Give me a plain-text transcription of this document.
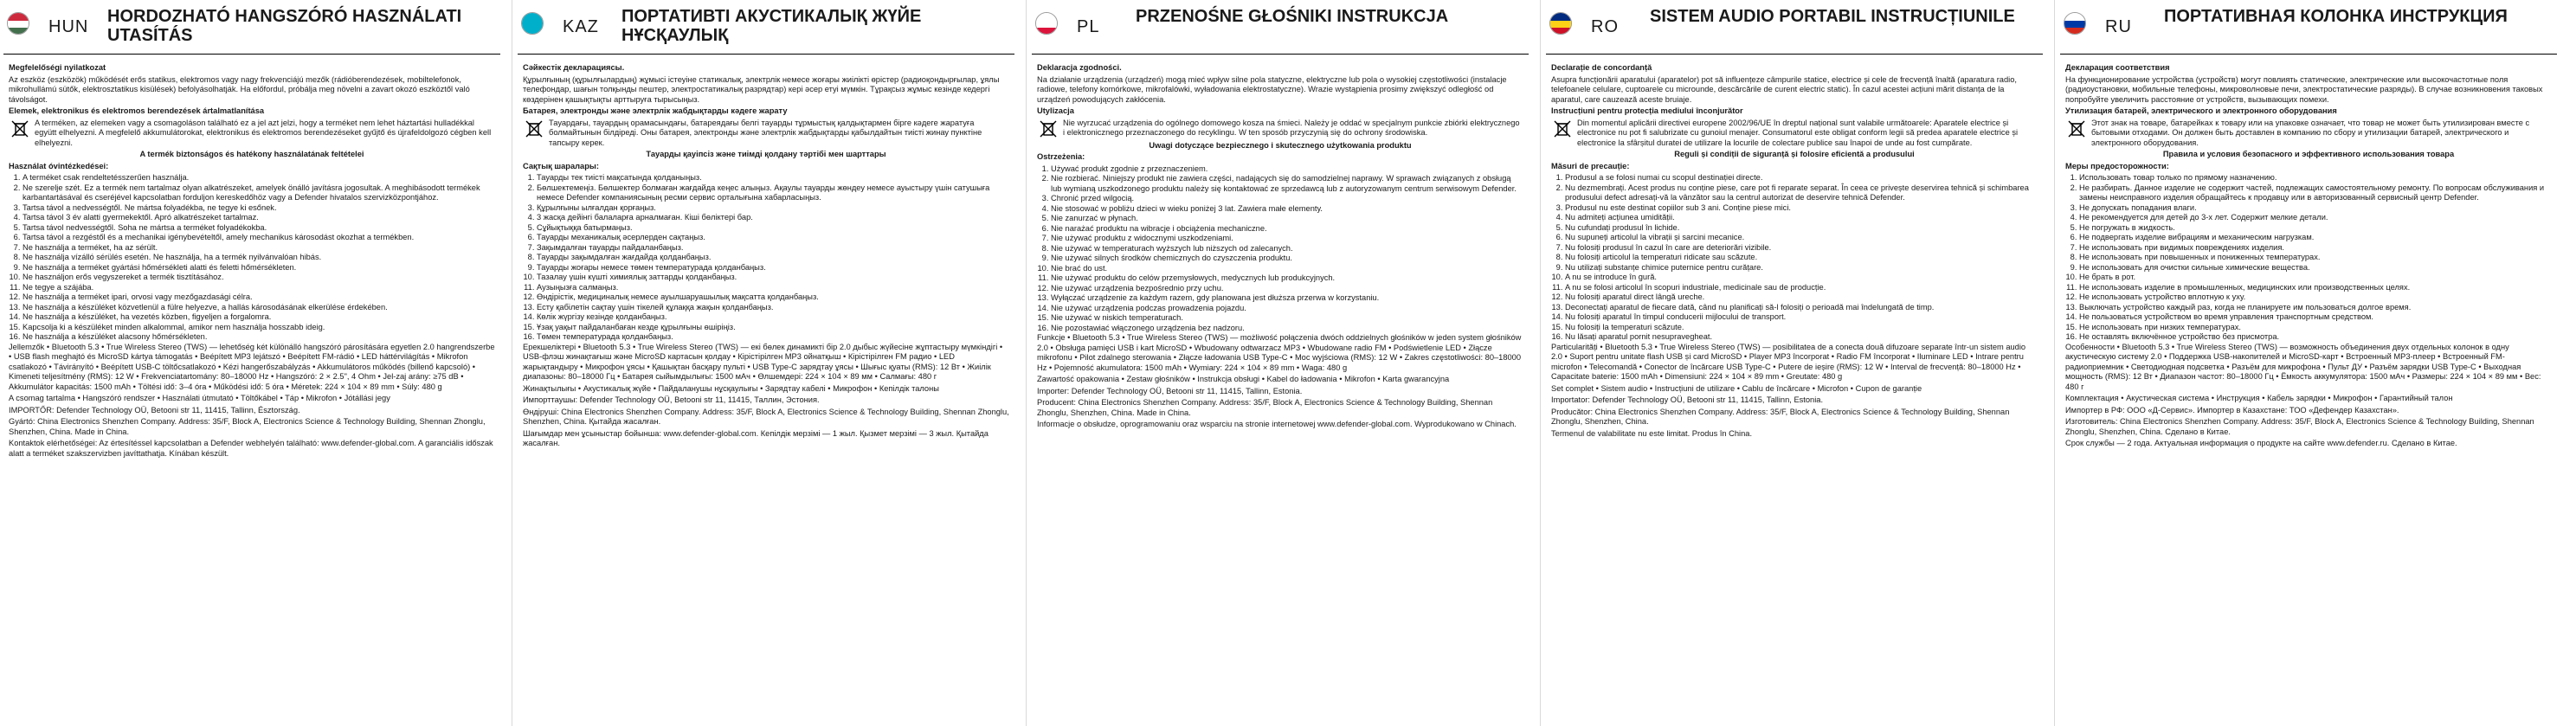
HUN
HORDOZHATÓ HANGSZÓRÓ HASZNÁLATI UTASÍTÁS

Megfelelőségi nyilatkozat

Az eszköz (eszközök) működését erős statikus, elektromos vagy nagy frekvenciájú mezők (rádióberendezések, mobiltelefonok, mikrohullámú sütők, elektrosztatikus kisülések) befolyásolhatják. Ha előfordul, próbálja meg növelni a zavart okozó eszköztől való távolságot.

Elemek, elektronikus és elektromos berendezések ártalmatlanítása

A terméken, az elemeken vagy a csomagoláson található ez a jel azt jelzi, hogy a terméket nem lehet háztartási hulladékkal együtt elhelyezni. A megfelelő akkumulátorokat, elektronikus és elektromos berendezéseket gyűjtő és újrafeldolgozó cégben kell elhelyezni.

A termék biztonságos és hatékony használatának feltételei

Használat óvintézkedései:

1. A terméket csak rendeltetésszerűen használja.
2. Ne szerelje szét. Ez a termék nem tartalmaz olyan alkatrészeket, amelyek önálló javításra jogosultak. A meghibásodott termékek karbantartásával és cseréjével kapcsolatban forduljon kereskedőhöz vagy a Defender hivatalos szervizközpontjához.
3. Tartsa távol a nedvességtől. Ne mártsa folyadékba, ne tegye ki esőnek.
4. Tartsa távol 3 év alatti gyermekektől. Apró alkatrészeket tartalmaz.
5. Tartsa távol nedvességtől. Soha ne mártsa a terméket folyadékokba.
6. Tartsa távol a rezgéstől és a mechanikai igénybevételtől, amely mechanikus károsodást okozhat a termékben.
7. Ne használja a terméket, ha az sérült.
8. Ne használja vízálló sérülés esetén. Ne használja, ha a termék nyilvánvalóan hibás.
9. Ne használja a terméket gyártási hőmérsékleti alatti és feletti hőmérsékleten.
10. Ne használjon erős vegyszereket a termék tisztításához.
11. Ne tegye a szájába.
12. Ne használja a terméket ipari, orvosi vagy mezőgazdasági célra.
13. Ne használja a készüléket közvetlenül a fülre helyezve, a hallás károsodásának elkerülése érdekében.
14. Ne használja a készüléket, ha vezetés közben, figyeljen a forgalomra.
15. Kapcsolja ki a készüléket minden alkalommal, amikor nem használja hosszabb ideig.
16. Ne használja a készüléket alacsony hőmérsékleten.

Jellemzők • Bluetooth 5.3 • True Wireless Stereo (TWS) — lehetőség két különálló hangszóró párosítására egyetlen 2.0 hangrendszerbe • USB flash meghajtó és MicroSD kártya támogatás • Beépített MP3 lejátszó • Beépített FM-rádió • LED háttérvilágítás • Mikrofon csatlakozó • Távirányító • Beépített USB-C töltőcsatlakozó • Kézi hangerőszabályzás • Akkumulátoros működés (billenő kapcsoló) • Kimeneti teljesítmény (RMS): 12 W • Frekvenciatartomány: 80–18000 Hz • Hangszóró: 2 × 2.5", 4 Ohm • Jel-zaj arány: ≥75 dB • Akkumulátor kapacitás: 1500 mAh • Töltési idő: 3–4 óra • Működési idő: 5 óra • Méretek: 224 × 104 × 89 mm • Súly: 480 g

A csomag tartalma • Hangszóró rendszer • Használati útmutató • Töltőkábel • Táp • Mikrofon • Jótállási jegy

IMPORTŐR: Defender Technology OÜ, Betooni str 11, 11415, Tallinn, Észtország.

Gyártó: China Electronics Shenzhen Company. Address: 35/F, Block A, Electronics Science & Technology Building, Shennan Zhonglu, Shenzhen, China. Made in China.

Kontaktok elérhetőségei: Az értesítéssel kapcsolatban a Defender webhelyén található: www.defender-global.com. A garanciális időszak alatt a terméket szakszervizben javíttathatja. Kínában készült.

KAZ
ПОРТАТИВТІ АКУСТИКАЛЫҚ ЖҮЙЕ НҰСҚАУЛЫҚ

Сәйкестік декларациясы.

Құрылғының (құрылғылардың) жұмысі істеуіне статикалық, электрлік немесе жоғары жиілікті өрістер (радиоқондырғылар, ұялы телефондар, шағын толқынды пештер, электростатикалық разрядтар) кері әсер етуі мүмкін. Тұрақсыз жұмыс кезінде кедергі көздерінен қашықтықты арттыруға тырысыңыз.

Батарея, электронды және электрлік жабдықтарды кәдеге жарату

Тауардағы, тауардың орамасындағы, батареядағы белгі тауарды тұрмыстық қалдықтармен бірге кәдеге жаратуға болмайтынын білдіреді. Оны батарея, электронды және электрлік жабдықтарды қабылдайтын тиісті жинау пунктіне тапсыру керек.

Тауарды қауіпсіз және тиімді қолдану тәртібі мен шарттары

Сақтық шаралары:

1. Тауарды тек тиісті мақсатында қолданыңыз.
2. Бөлшектемеңіз. Бөлшектер болмаған жағдайда кеңес алыңыз. Ақаулы тауарды жөндеу немесе ауыстыру үшін сатушыға немесе Defender компаниясының ресми сервис орталығына хабарласыңыз.
3. Құрылғыны ылғалдан қорғаңыз.
4. 3 жасқа дейінгі балаларға арналмаған. Кіші бөліктері бар.
5. Сұйықтыққа батырмаңыз.
6. Тауарды механикалық әсерлерден сақтаңыз.
7. Зақымдалған тауарды пайдаланбаңыз.
8. Тауарды зақымдалған жағдайда қолданбаңыз.
9. Тауарды жоғары немесе төмен температурада қолданбаңыз.
10. Тазалау үшін күшті химиялық заттарды қолданбаңыз.
11. Аузыңызға салмаңыз.
12. Өндірістік, медициналық немесе ауылшаруашылық мақсатта қолданбаңыз.
13. Есту қабілетін сақтау үшін тікелей құлаққа жақын қолданбаңыз.
14. Көлік жүргізу кезінде қолданбаңыз.
15. Ұзақ уақыт пайдаланбаған кезде құрылғыны өшіріңіз.
16. Төмен температурада қолданбаңыз.

Ерекшеліктері • Bluetooth 5.3 • True Wireless Stereo (TWS) — екі бөлек динамикті бір 2.0 дыбыс жүйесіне жұптастыру мүмкіндігі • USB-флэш жинақтағыш және MicroSD картасын қолдау • Кірістірілген MP3 ойнатқыш • Кірістірілген FM радио • LED жарықтандыру • Микрофон ұясы • Қашықтан басқару пульті • USB Type-C зарядтау ұясы • Шығыс қуаты (RMS): 12 Вт • Жиілік диапазоны: 80–18000 Гц • Батарея сыйымдылығы: 1500 мАч • Өлшемдері: 224 × 104 × 89 мм • Салмағы: 480 г

Жинақтылығы • Акустикалық жүйе • Пайдаланушы нұсқаулығы • Зарядтау кабелі • Микрофон • Кепілдік талоны

Импорттаушы: Defender Technology OÜ, Betooni str 11, 11415, Таллин, Эстония.

Өндіруші: China Electronics Shenzhen Company. Address: 35/F, Block A, Electronics Science & Technology Building, Shennan Zhonglu, Shenzhen, China. Қытайда жасалған.

Шағымдар мен ұсыныстар бойынша: www.defender-global.com. Кепілдік мерзімі — 1 жыл. Қызмет мерзімі — 3 жыл. Қытайда жасалған.

PL
PRZENOŚNE GŁOŚNIKI INSTRUKCJA

Deklaracja zgodności.

Na działanie urządzenia (urządzeń) mogą mieć wpływ silne pola statyczne, elektryczne lub pola o wysokiej częstotliwości (instalacje radiowe, telefony komórkowe, mikrofalówki, wyładowania elektrostatyczne). Wrazie wystąpienia prosimy zwiększyć odległość od urządzeń powodujących zakłócenia.

Utylizacja

Nie wyrzucać urządzenia do ogólnego domowego kosza na śmieci. Należy je oddać w specjalnym punkcie zbiórki elektrycznego i elektronicznego przeznaczonego do recyklingu. W ten sposób przyczynią się do ochrony środowiska.

Uwagi dotyczące bezpiecznego i skutecznego użytkowania produktu

Ostrzeżenia:

1. Używać produkt zgodnie z przeznaczeniem.
2. Nie rozbierać. Niniejszy produkt nie zawiera części, nadających się do samodzielnej naprawy. W sprawach związanych z obsługą lub wymianą uszkodzonego produktu należy się kontaktować ze sprzedawcą lub z autoryzowanym centrum serwisowym Defender.
3. Chronić przed wilgocią.
4. Nie stosować w pobliżu dzieci w wieku poniżej 3 lat. Zawiera małe elementy.
5. Nie zanurzać w płynach.
6. Nie narażać produktu na wibracje i obciążenia mechaniczne.
7. Nie używać produktu z widocznymi uszkodzeniami.
8. Nie używać w temperaturach wyższych lub niższych od zalecanych.
9. Nie używać silnych środków chemicznych do czyszczenia produktu.
10. Nie brać do ust.
11. Nie używać produktu do celów przemysłowych, medycznych lub produkcyjnych.
12. Nie używać urządzenia bezpośrednio przy uchu.
13. Wyłączać urządzenie za każdym razem, gdy planowana jest dłuższa przerwa w korzystaniu.
14. Nie używać urządzenia podczas prowadzenia pojazdu.
15. Nie używać w niskich temperaturach.
16. Nie pozostawiać włączonego urządzenia bez nadzoru.

Funkcje • Bluetooth 5.3 • True Wireless Stereo (TWS) — możliwość połączenia dwóch oddzielnych głośników w jeden system głośników 2.0 • Obsługa pamięci USB i kart MicroSD • Wbudowany odtwarzacz MP3 • Wbudowane radio FM • Podświetlenie LED • Złącze mikrofonu • Pilot zdalnego sterowania • Złącze ładowania USB Type-C • Moc wyjściowa (RMS): 12 W • Zakres częstotliwości: 80–18000 Hz • Pojemność akumulatora: 1500 mAh • Wymiary: 224 × 104 × 89 mm • Waga: 480 g

Zawartość opakowania • Zestaw głośników • Instrukcja obsługi • Kabel do ładowania • Mikrofon • Karta gwarancyjna

Importer: Defender Technology OÜ, Betooni str 11, 11415, Tallinn, Estonia.

Producent: China Electronics Shenzhen Company. Address: 35/F, Block A, Electronics Science & Technology Building, Shennan Zhonglu, Shenzhen, China. Made in China.

Informacje o obsłudze, oprogramowaniu oraz wsparciu na stronie internetowej www.defender-global.com. Wyprodukowano w Chinach.

RO
SISTEM AUDIO PORTABIL INSTRUCȚIUNILE

Declarație de concordanță

Asupra funcționării aparatului (aparatelor) pot să influențeze câmpurile statice, electrice și cele de frecvență înaltă (aparatura radio, telefoanele celulare, cuptoarele cu microunde, descărcările de curent electric static). În cazul acestei acțiuni mărit distanța de la aparatul, care cauzează aceste bruiaje.

Instrucțiuni pentru protecția mediului înconjurător

Din momentul aplicării directivei europene 2002/96/UE în dreptul național sunt valabile următoarele: Aparatele electrice și electronice nu pot fi salubrizate cu gunoiul menajer. Consumatorul este obligat conform legii să predea aparatele electrice și electronice la sfârșitul duratei de utilizare la locurile de colectare publice sau înapoi de unde au fost cumpărate.

Reguli și condiții de siguranță și folosire eficientă a produsului

Măsuri de precauție:

1. Produsul a se folosi numai cu scopul destinației directe.
2. Nu dezmembrați. Acest produs nu conține piese, care pot fi reparate separat. În ceea ce privește deservirea tehnică și schimbarea produsului defect adresați-vă la vânzător sau la centrul autorizat de deservire tehnică Defender.
3. Produsul nu este destinat copiilor sub 3 ani. Conține piese mici.
4. Nu admiteți acțiunea umidității.
5. Nu cufundați produsul în lichide.
6. Nu supuneți articolul la vibrații și sarcini mecanice.
7. Nu folosiți produsul în cazul în care are deteriorări vizibile.
8. Nu folosiți articolul la temperaturi ridicate sau scăzute.
9. Nu utilizați substanțe chimice puternice pentru curățare.
10. A nu se introduce în gură.
11. A nu se folosi articolul în scopuri industriale, medicinale sau de producție.
12. Nu folosiți aparatul direct lângă ureche.
13. Deconectați aparatul de fiecare dată, când nu planificați să-l folosiți o perioadă mai îndelungată de timp.
14. Nu folosiți aparatul în timpul conducerii mijlocului de transport.
15. Nu folosiți la temperaturi scăzute.
16. Nu lăsați aparatul pornit nesupravegheat.

Particularități • Bluetooth 5.3 • True Wireless Stereo (TWS) — posibilitatea de a conecta două difuzoare separate într-un sistem audio 2.0 • Suport pentru unitate flash USB și card MicroSD • Player MP3 încorporat • Radio FM încorporat • Iluminare LED • Intrare pentru microfon • Telecomandă • Conector de încărcare USB Type-C • Putere de ieșire (RMS): 12 W • Interval de frecvență: 80–18000 Hz • Capacitate baterie: 1500 mAh • Dimensiuni: 224 × 104 × 89 mm • Greutate: 480 g

Set complet • Sistem audio • Instrucțiuni de utilizare • Cablu de încărcare • Microfon • Cupon de garanție

Importator: Defender Technology OÜ, Betooni str 11, 11415, Tallinn, Estonia.

Producător: China Electronics Shenzhen Company. Address: 35/F, Block A, Electronics Science & Technology Building, Shennan Zhonglu, Shenzhen, China.

Termenul de valabilitate nu este limitat. Produs în China.

RU
ПОРТАТИВНАЯ КОЛОНКА ИНСТРУКЦИЯ

Декларация соответствия

На функционирование устройства (устройств) могут повлиять статические, электрические или высокочастотные поля (радиоустановки, мобильные телефоны, микроволновые печи, электростатические разряды). В случае возникновения таковых попробуйте увеличить расстояние от устройств, вызывающих помехи.

Утилизация батарей, электрического и электронного оборудования

Этот знак на товаре, батарейках к товару или на упаковке означает, что товар не может быть утилизирован вместе с бытовыми отходами. Он должен быть доставлен в компанию по сбору и утилизации батарей, электрического и электронного оборудования.

Правила и условия безопасного и эффективного использования товара

Меры предосторожности:

1. Использовать товар только по прямому назначению.
2. Не разбирать. Данное изделие не содержит частей, подлежащих самостоятельному ремонту. По вопросам обслуживания и замены неисправного изделия обращайтесь к продавцу или в авторизованный сервисный центр Defender.
3. Не допускать попадания влаги.
4. Не рекомендуется для детей до 3-х лет. Содержит мелкие детали.
5. Не погружать в жидкость.
6. Не подвергать изделие вибрациям и механическим нагрузкам.
7. Не использовать при видимых повреждениях изделия.
8. Не использовать при повышенных и пониженных температурах.
9. Не использовать для очистки сильные химические вещества.
10. Не брать в рот.
11. Не использовать изделие в промышленных, медицинских или производственных целях.
12. Не использовать устройство вплотную к уху.
13. Выключать устройство каждый раз, когда не планируете им пользоваться долгое время.
14. Не пользоваться устройством во время управления транспортным средством.
15. Не использовать при низких температурах.
16. Не оставлять включённое устройство без присмотра.

Особенности • Bluetooth 5.3 • True Wireless Stereo (TWS) — возможность объединения двух отдельных колонок в одну акустическую систему 2.0 • Поддержка USB-накопителей и MicroSD-карт • Встроенный MP3-плеер • Встроенный FM-радиоприемник • Светодиодная подсветка • Разъём для микрофона • Пульт ДУ • Разъём зарядки USB Type-C • Выходная мощность (RMS): 12 Вт • Диапазон частот: 80–18000 Гц • Ёмкость аккумулятора: 1500 мАч • Размеры: 224 × 104 × 89 мм • Вес: 480 г

Комплектация • Акустическая система • Инструкция • Кабель зарядки • Микрофон • Гарантийный талон

Импортер в РФ: ООО «Д-Сервис». Импортер в Казахстане: ТОО «Дефендер Казахстан».

Изготовитель: China Electronics Shenzhen Company. Address: 35/F, Block A, Electronics Science & Technology Building, Shennan Zhonglu, Shenzhen, China. Сделано в Китае.

Срок службы — 2 года. Актуальная информация о продукте на сайте www.defender.ru. Сделано в Китае.
